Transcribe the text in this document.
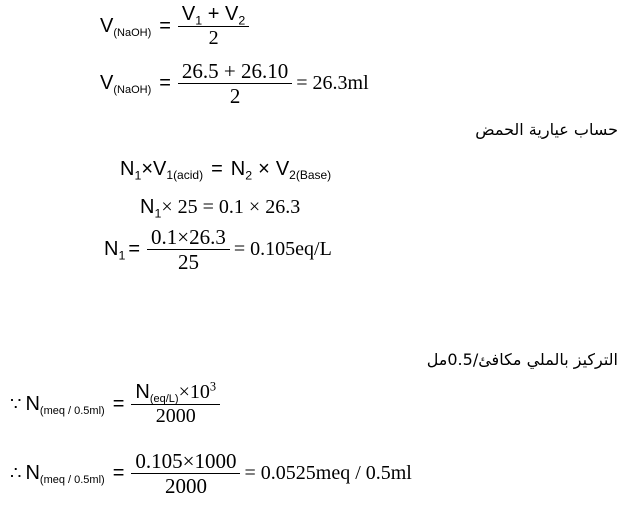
$V_{(NaOH)} = \frac{V_1 + V_2}{2}$
$V_{(NaOH)} = \frac{26.5 + 26.10}{2} = 26.3ml$
حساب عيارية الحمض
$N_1 \times V_{1(acid)} = N_2 \times V_{2(Base)}$
$N_1 \times 25 = 0.1 \times 26.3$
$N_1 = \frac{0.1\times 26.3}{25} = 0.105eq/L$
التركيز بالملي مكافئ/0.5مل
∵ $N_{(meq / 0.5ml)} = \frac{N_{(eq/L)}\times 10^3}{2000}$
∴ $N_{(meq / 0.5ml)} = \frac{0.105\times 1000}{2000} = 0.0525meq / 0.5ml$
